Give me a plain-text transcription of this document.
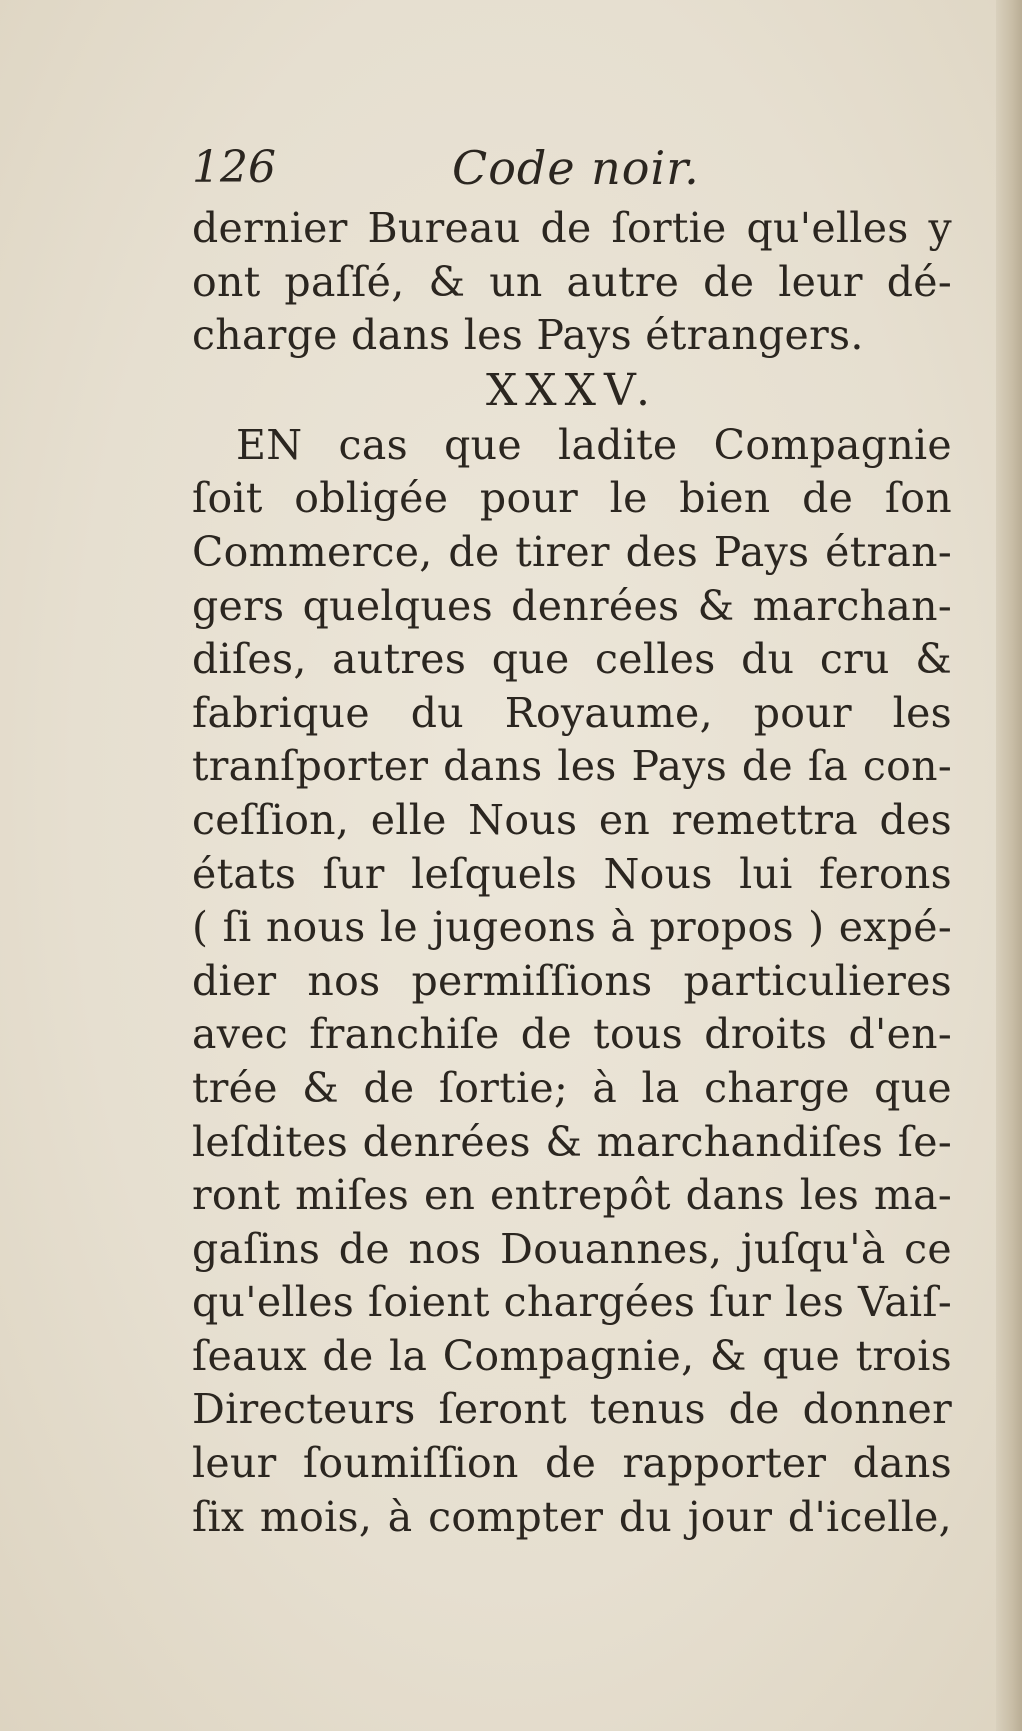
126	Code noir.
dernier Bureau de ſortie qu'elles y
ont paſſé, & un autre de leur dé-
charge dans les Pays étrangers.
XXXV.
EN cas que ladite Compagnie
ſoit obligée pour le bien de ſon
Commerce, de tirer des Pays étran-
gers quelques denrées & marchan-
diſes, autres que celles du cru &
fabrique du Royaume, pour les
tranſporter dans les Pays de ſa con-
ceſſion, elle Nous en remettra des
états ſur leſquels Nous lui ferons
( ſi nous le jugeons à propos ) expé-
dier nos permiſſions particulieres
avec franchiſe de tous droits d'en-
trée & de ſortie; à la charge que
leſdites denrées & marchandiſes ſe-
ront miſes en entrepôt dans les ma-
gaſins de nos Douannes, juſqu'à ce
qu'elles ſoient chargées ſur les Vaiſ-
ſeaux de la Compagnie, & que trois
Directeurs ſeront tenus de donner
leur ſoumiſſion de rapporter dans
ſix mois, à compter du jour d'icelle,
